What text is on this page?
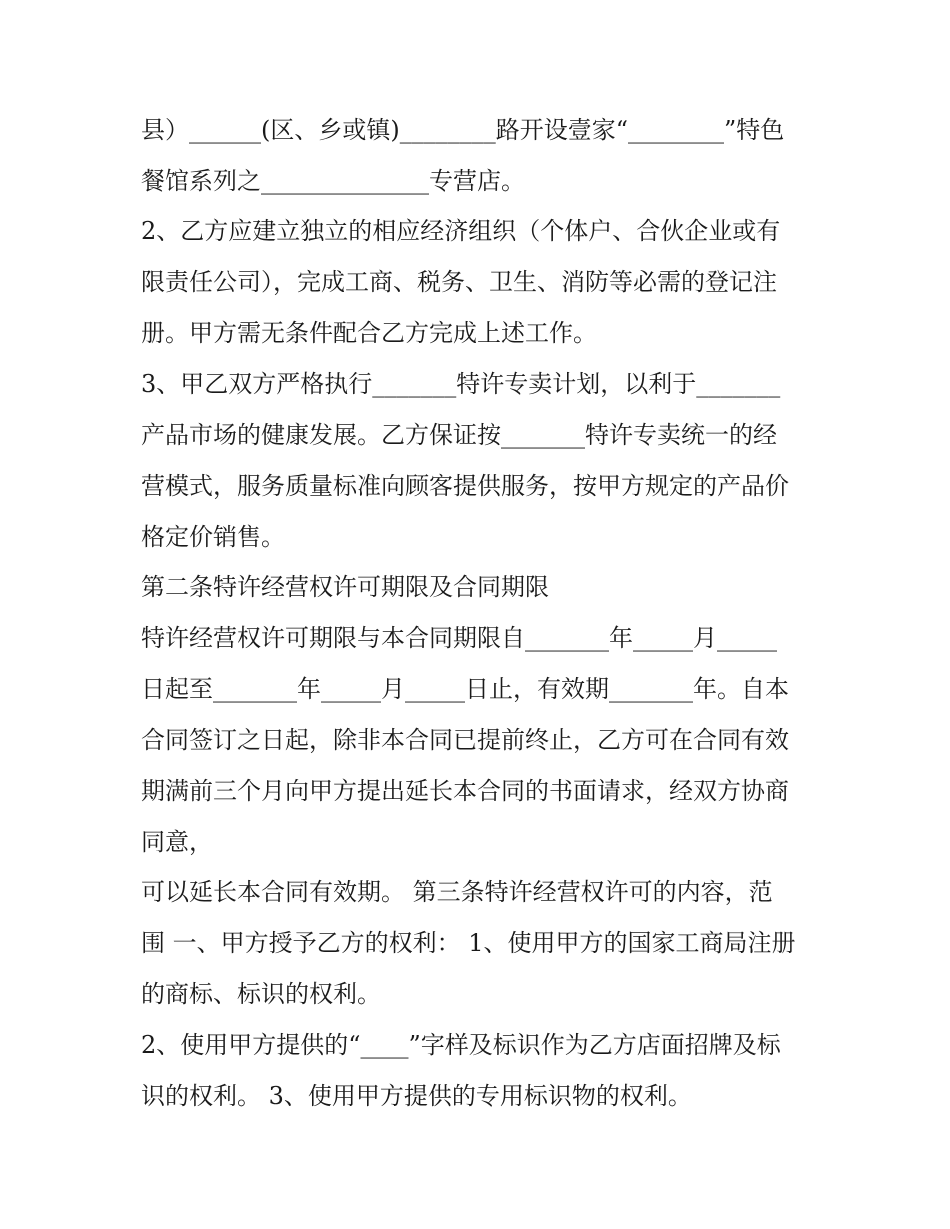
县）______(区、乡或镇)________路开设壹家“________”特色

餐馆系列之______________专营店。

2、乙方应建立独立的相应经济组织（个体户、合伙企业或有

限责任公司），完成工商、税务、卫生、消防等必需的登记注

册。甲方需无条件配合乙方完成上述工作。

3、甲乙双方严格执行_______特许专卖计划，以利于_______

产品市场的健康发展。乙方保证按_______特许专卖统一的经

营模式，服务质量标准向顾客提供服务，按甲方规定的产品价

格定价销售。

第二条特许经营权许可期限及合同期限

特许经营权许可期限与本合同期限自_______年_____月_____

日起至_______年_____月_____日止，有效期_______年。自本

合同签订之日起，除非本合同已提前终止，乙方可在合同有效

期满前三个月向甲方提出延长本合同的书面请求，经双方协商

同意，

可以延长本合同有效期。 第三条特许经营权许可的内容，范

围 一、甲方授予乙方的权利： 1、使用甲方的国家工商局注册

的商标、标识的权利。

2、使用甲方提供的“____”字样及标识作为乙方店面招牌及标

识的权利。 3、使用甲方提供的专用标识物的权利。
